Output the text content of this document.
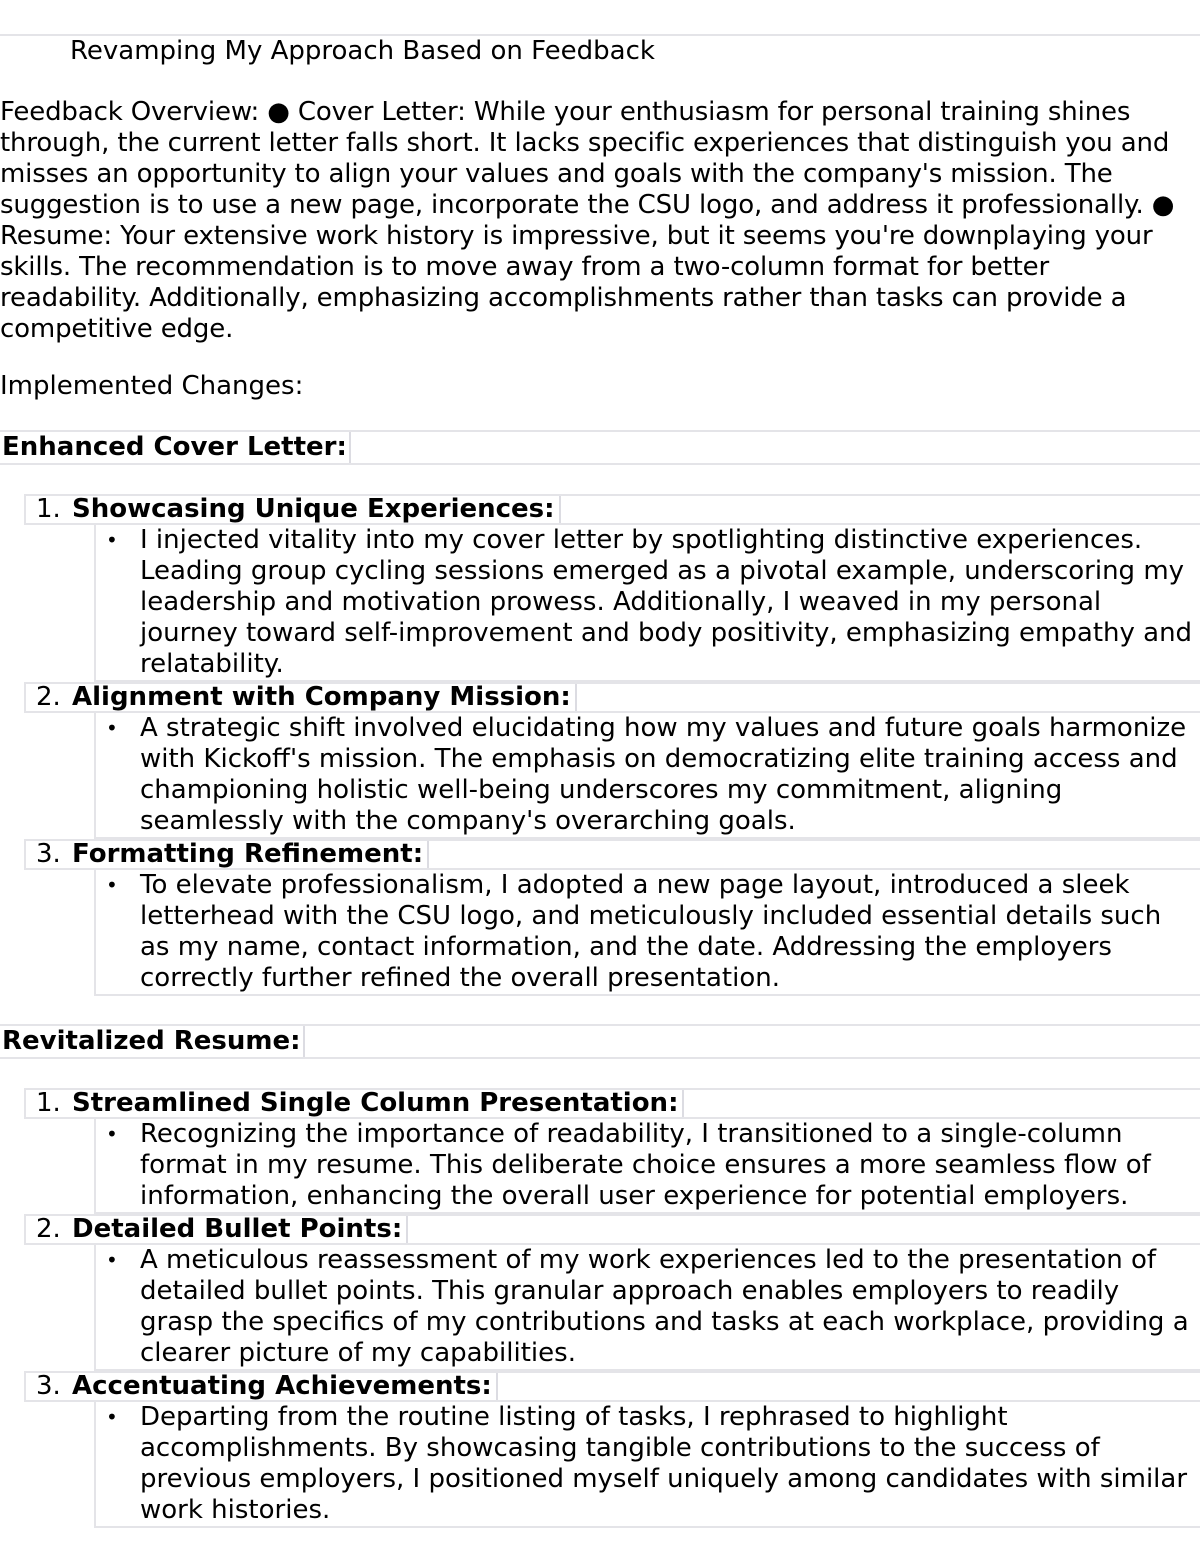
Revamping My Approach Based on Feedback
Feedback Overview: ● Cover Letter: While your enthusiasm for personal training shines through, the current letter falls short. It lacks specific experiences that distinguish you and misses an opportunity to align your values and goals with the company's mission. The suggestion is to use a new page, incorporate the CSU logo, and address it professionally. ● Resume: Your extensive work history is impressive, but it seems you're downplaying your skills. The recommendation is to move away from a two-column format for better readability. Additionally, emphasizing accomplishments rather than tasks can provide a competitive edge.
Implemented Changes:
Enhanced Cover Letter:
1. Showcasing Unique Experiences:
• I injected vitality into my cover letter by spotlighting distinctive experiences. Leading group cycling sessions emerged as a pivotal example, underscoring my leadership and motivation prowess. Additionally, I weaved in my personal journey toward self-improvement and body positivity, emphasizing empathy and relatability.
2. Alignment with Company Mission:
• A strategic shift involved elucidating how my values and future goals harmonize with Kickoff's mission. The emphasis on democratizing elite training access and championing holistic well-being underscores my commitment, aligning seamlessly with the company's overarching goals.
3. Formatting Refinement:
• To elevate professionalism, I adopted a new page layout, introduced a sleek letterhead with the CSU logo, and meticulously included essential details such as my name, contact information, and the date. Addressing the employers correctly further refined the overall presentation.
Revitalized Resume:
1. Streamlined Single Column Presentation:
• Recognizing the importance of readability, I transitioned to a single-column format in my resume. This deliberate choice ensures a more seamless flow of information, enhancing the overall user experience for potential employers.
2. Detailed Bullet Points:
• A meticulous reassessment of my work experiences led to the presentation of detailed bullet points. This granular approach enables employers to readily grasp the specifics of my contributions and tasks at each workplace, providing a clearer picture of my capabilities.
3. Accentuating Achievements:
• Departing from the routine listing of tasks, I rephrased to highlight accomplishments. By showcasing tangible contributions to the success of previous employers, I positioned myself uniquely among candidates with similar work histories.
